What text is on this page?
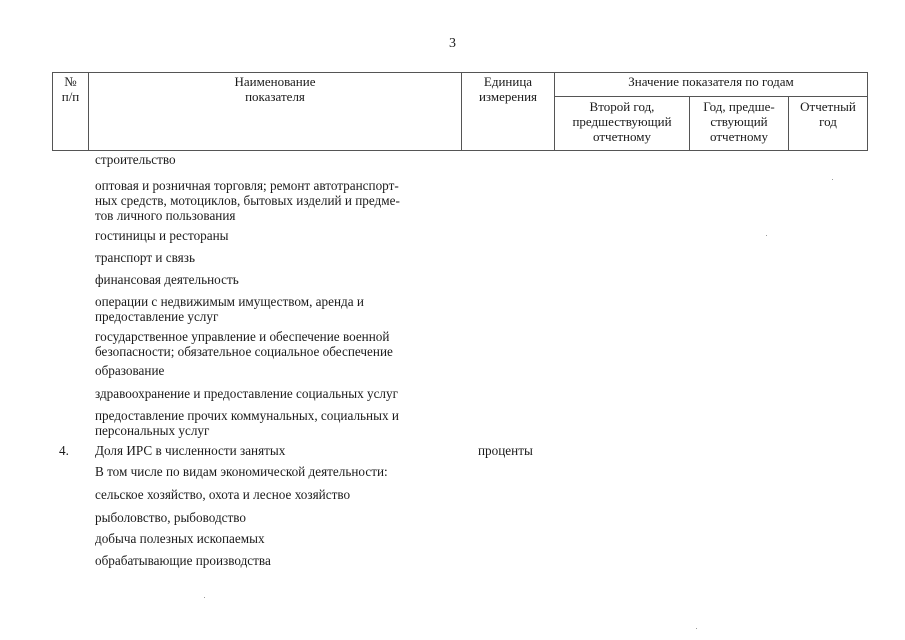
3
№
п/п
Наименование
показателя
Единица
измерения
Значение показателя по годам
Второй год,
предшествующий
отчетному
Год, предше-
ствующий
отчетному
Отчетный
год
строительство
оптовая и розничная торговля; ремонт автотранспорт-
ных средств, мотоциклов, бытовых изделий и предме-
тов личного пользования
гостиницы и рестораны
транспорт и связь
финансовая деятельность
операции с недвижимым имуществом, аренда и
предоставление услуг
государственное управление и обеспечение военной
безопасности; обязательное социальное обеспечение
образование
здравоохранение и предоставление социальных услуг
предоставление прочих коммунальных, социальных и
персональных услуг
4. Доля ИРС в численности занятых	проценты
В том числе по видам экономической деятельности:
сельское хозяйство, охота и лесное хозяйство
рыболовство, рыбоводство
добыча полезных ископаемых
обрабатывающие производства
